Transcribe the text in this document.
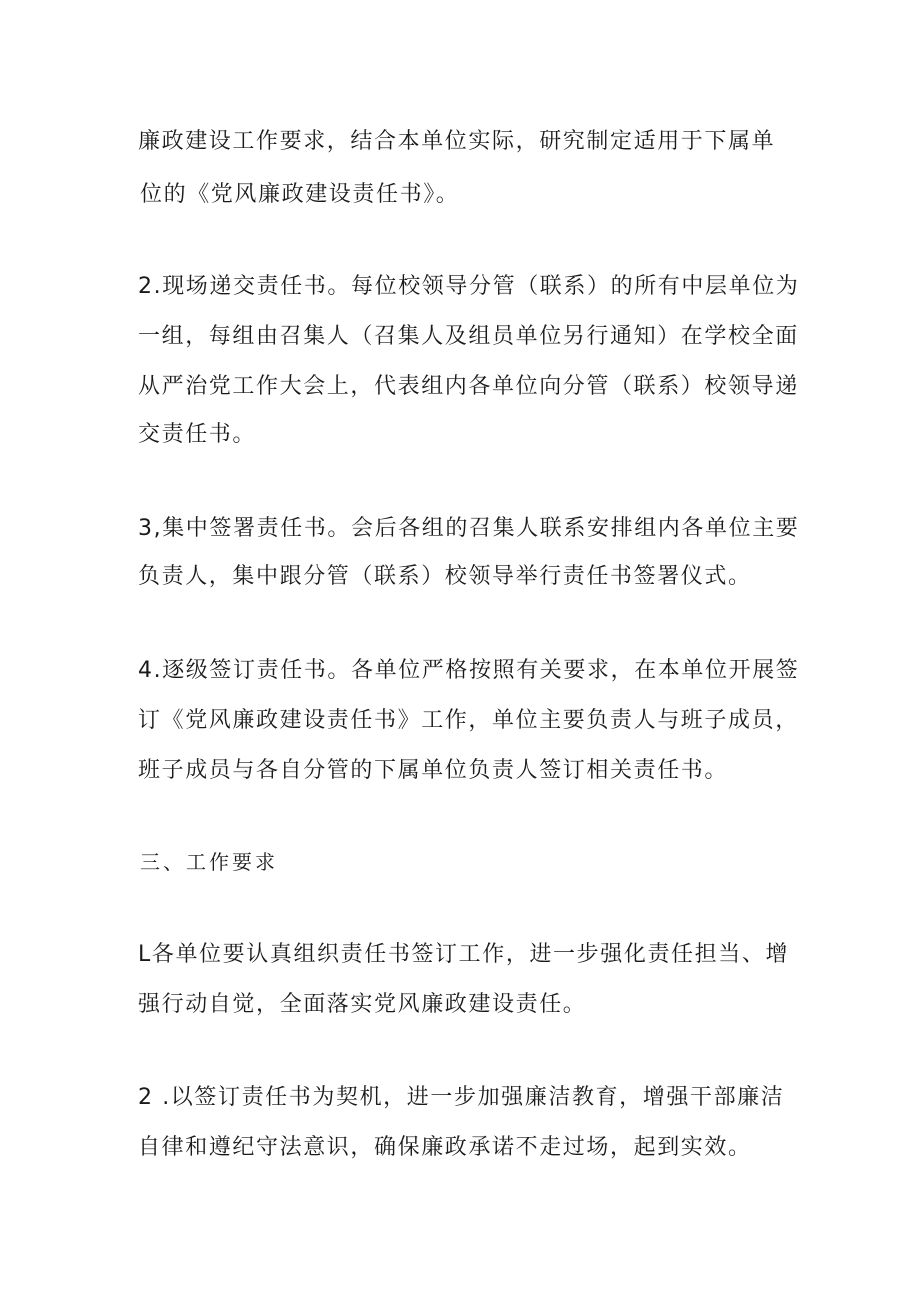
廉政建设工作要求，结合本单位实际，研究制定适用于下属单
位的《党风廉政建设责任书》。
2.现场递交责任书。每位校领导分管（联系）的所有中层单位为
一组，每组由召集人（召集人及组员单位另行通知）在学校全面
从严治党工作大会上，代表组内各单位向分管（联系）校领导递
交责任书。
3,集中签署责任书。会后各组的召集人联系安排组内各单位主要
负责人，集中跟分管（联系）校领导举行责任书签署仪式。
4.逐级签订责任书。各单位严格按照有关要求，在本单位开展签
订《党风廉政建设责任书》工作，单位主要负责人与班子成员，
班子成员与各自分管的下属单位负责人签订相关责任书。
三、工作要求
L各单位要认真组织责任书签订工作，进一步强化责任担当、增
强行动自觉，全面落实党风廉政建设责任。
2 .以签订责任书为契机，进一步加强廉洁教育，增强干部廉洁
自律和遵纪守法意识，确保廉政承诺不走过场，起到实效。
